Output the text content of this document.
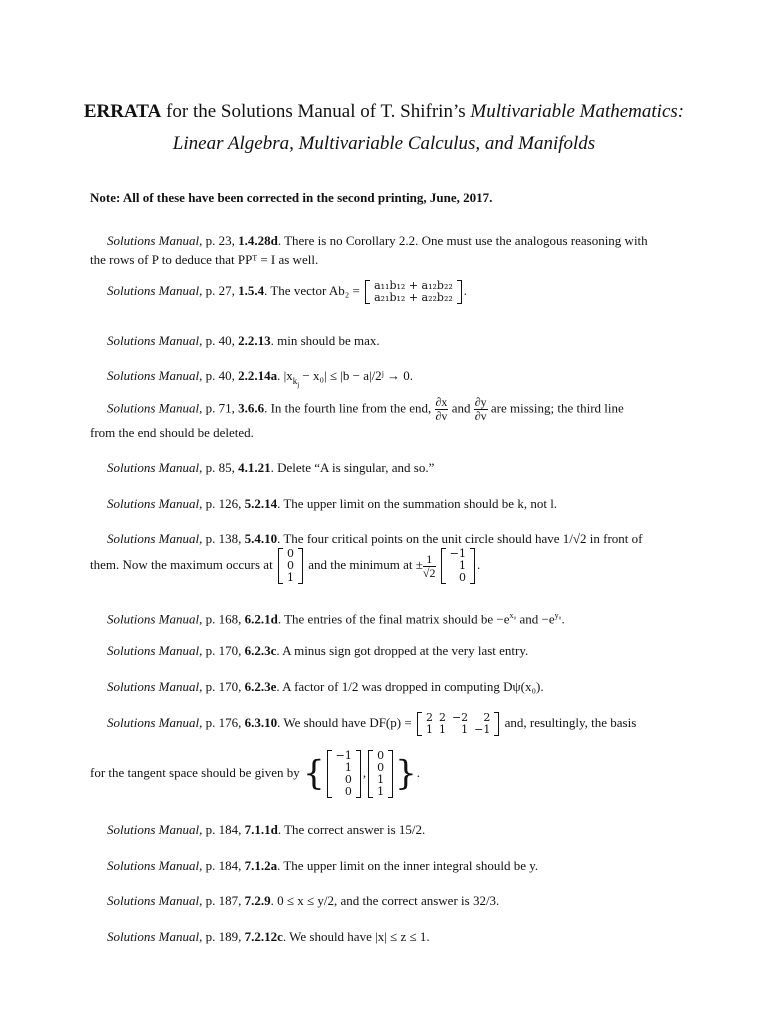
ERRATA for the Solutions Manual of T. Shifrin’s Multivariable Mathematics:
Linear Algebra, Multivariable Calculus, and Manifolds
Note: All of these have been corrected in the second printing, June, 2017.
Solutions Manual, p. 23, 1.4.28d. There is no Corollary 2.2. One must use the analogous reasoning with
the rows of P to deduce that PPᵀ = I as well.
Solutions Manual, p. 27, 1.5.4. The vector Ab₂ = a₁₁b₁₂ + a₁₂b₂₂
a₂₁b₁₂ + a₂₂b₂₂ .
Solutions Manual, p. 40, 2.2.13. min should be max.
Solutions Manual, p. 40, 2.2.14a. $|x_{k_j} - x_0| \le |b$ − a|/2ʲ → 0.
Solutions Manual, p. 71, 3.6.6. In the fourth line from the end, $\frac{\partial x}{\partial v}$ and $\frac{\partial y}{\partial v}$ are missing; the third line
from the end should be deleted.
Solutions Manual, p. 85, 4.1.21. Delete “A is singular, and so.”
Solutions Manual, p. 126, 5.2.14. The upper limit on the summation should be k, not l.
Solutions Manual, p. 138, 5.4.10. The four critical points on the unit circle should have 1/√2 in front of
them. Now the maximum occurs at
0
0
1
and the minimum at ± $\frac{1}{√2}$
−1
1
0
.
Solutions Manual, p. 168, 6.2.1d. The entries of the final matrix should be $-e^{x_0}$ and $-e^{y_0}$.
Solutions Manual, p. 170, 6.2.3c. A minus sign got dropped at the very last entry.
Solutions Manual, p. 170, 6.2.3e. A factor of 1/2 was dropped in computing Dψ(x₀).
Solutions Manual, p. 176, 6.3.10. We should have DF(p) = 2	2	−2	2
1	1	1	−1 and, resultingly, the basis

for the tangent space should be given by { −1
1
0
0
,
0
0
1
1 }.
Solutions Manual, p. 184, 7.1.1d. The correct answer is 15/2.
Solutions Manual, p. 184, 7.1.2a. The upper limit on the inner integral should be y.
Solutions Manual, p. 187, 7.2.9. 0 ≤ x ≤ y/2, and the correct answer is 32/3.
Solutions Manual, p. 189, 7.2.12c. We should have |x| ≤ z ≤ 1.
